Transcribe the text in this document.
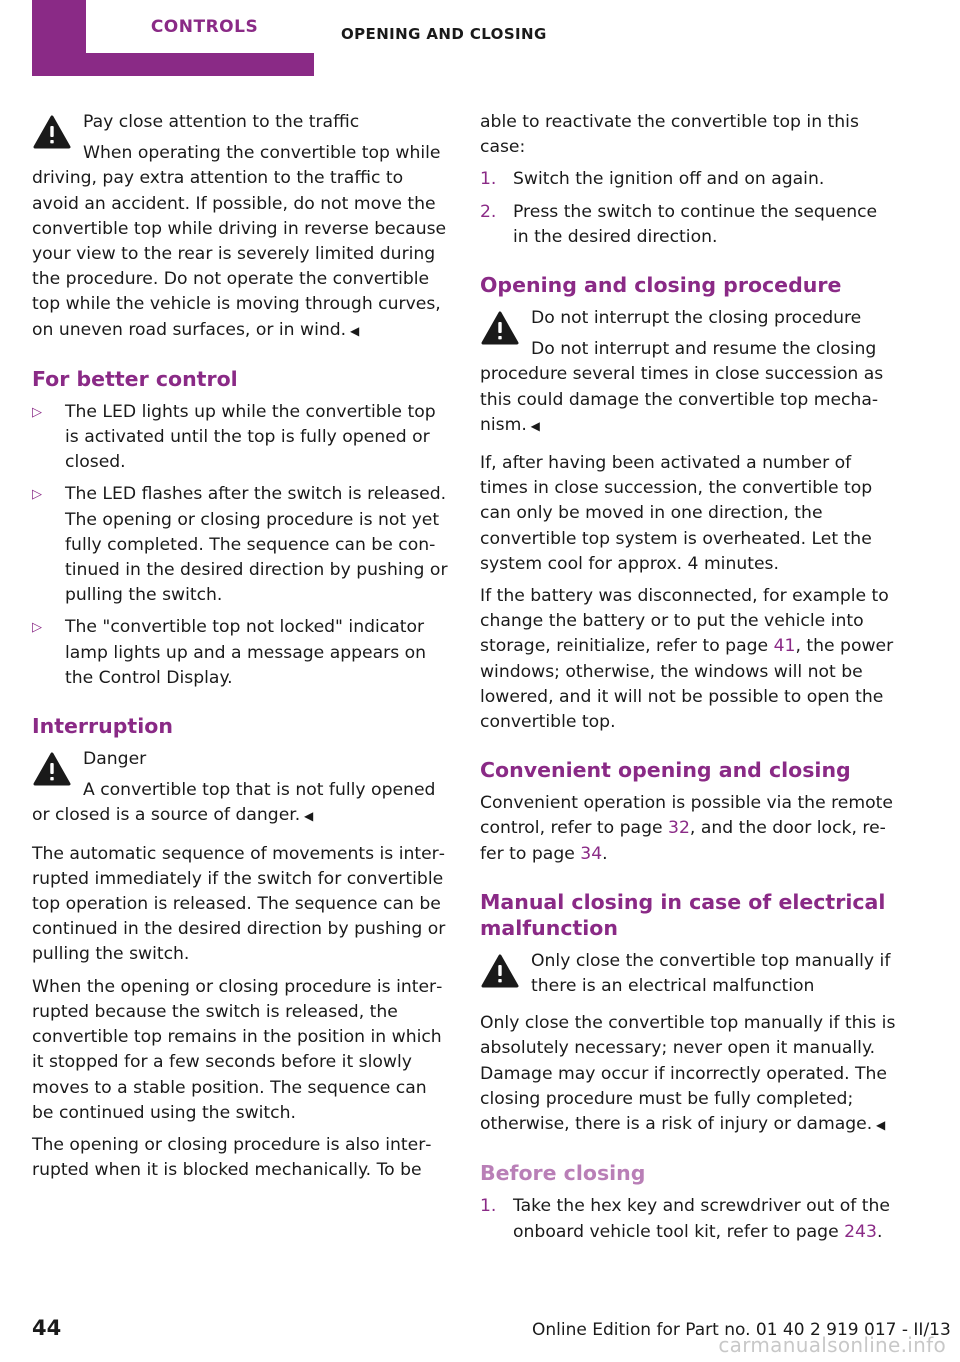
CONTROLS	OPENING AND CLOSING
Pay close attention to the traffic

When operating the convertible top while
driving, pay extra attention to the traffic to avoid an accident. If possible, do not move the convertible top while driving in reverse because your view to the rear is severely limited during the procedure. Do not operate the convertible top while the vehicle is moving through curves, on uneven road surfaces, or in wind. ◀

For better control
▷ The LED lights up while the convertible top is activated until the top is fully opened or closed.
▷ The LED flashes after the switch is released. The opening or closing procedure is not yet fully completed. The sequence can be con‐ tinued in the desired direction by pushing or pulling the switch.
▷ The "convertible top not locked" indicator lamp lights up and a message appears on the Control Display.
Interruption
Danger

A convertible top that is not fully opened
or closed is a source of danger. ◀

The automatic sequence of movements is inter‐ rupted immediately if the switch for convertible top operation is released. The sequence can be continued in the desired direction by pushing or pulling the switch.

When the opening or closing procedure is inter‐ rupted because the switch is released, the convertible top remains in the position in which it stopped for a few seconds before it slowly moves to a stable position. The sequence can be continued using the switch.

The opening or closing procedure is also inter‐ rupted when it is blocked mechanically. To be

able to reactivate the convertible top in this case:

1. Switch the ignition off and on again.
2. Press the switch to continue the sequence in the desired direction.
Opening and closing procedure
Do not interrupt the closing procedure

Do not interrupt and resume the closing
procedure several times in close succession as this could damage the convertible top mecha‐ nism. ◀

If, after having been activated a number of times in close succession, the convertible top can only be moved in one direction, the convertible top system is overheated. Let the system cool for approx. 4 minutes.

If the battery was disconnected, for example to change the battery or to put the vehicle into storage, reinitialize, refer to page 41, the power windows; otherwise, the windows will not be lowered, and it will not be possible to open the convertible top.

Convenient opening and closing

Convenient operation is possible via the remote control, refer to page 32, and the door lock, re‐ fer to page 34.

Manual closing in case of electrical malfunction
Only close the convertible top manually if there is an electrical malfunction

Only close the convertible top manually if this is absolutely necessary; never open it manually. Damage may occur if incorrectly operated. The closing procedure must be fully completed; otherwise, there is a risk of injury or damage. ◀

Before closing
1. Take the hex key and screwdriver out of the onboard vehicle tool kit, refer to page 243.
44	Online Edition for Part no. 01 40 2 919 017 - II/13
carmanualsonline.info
